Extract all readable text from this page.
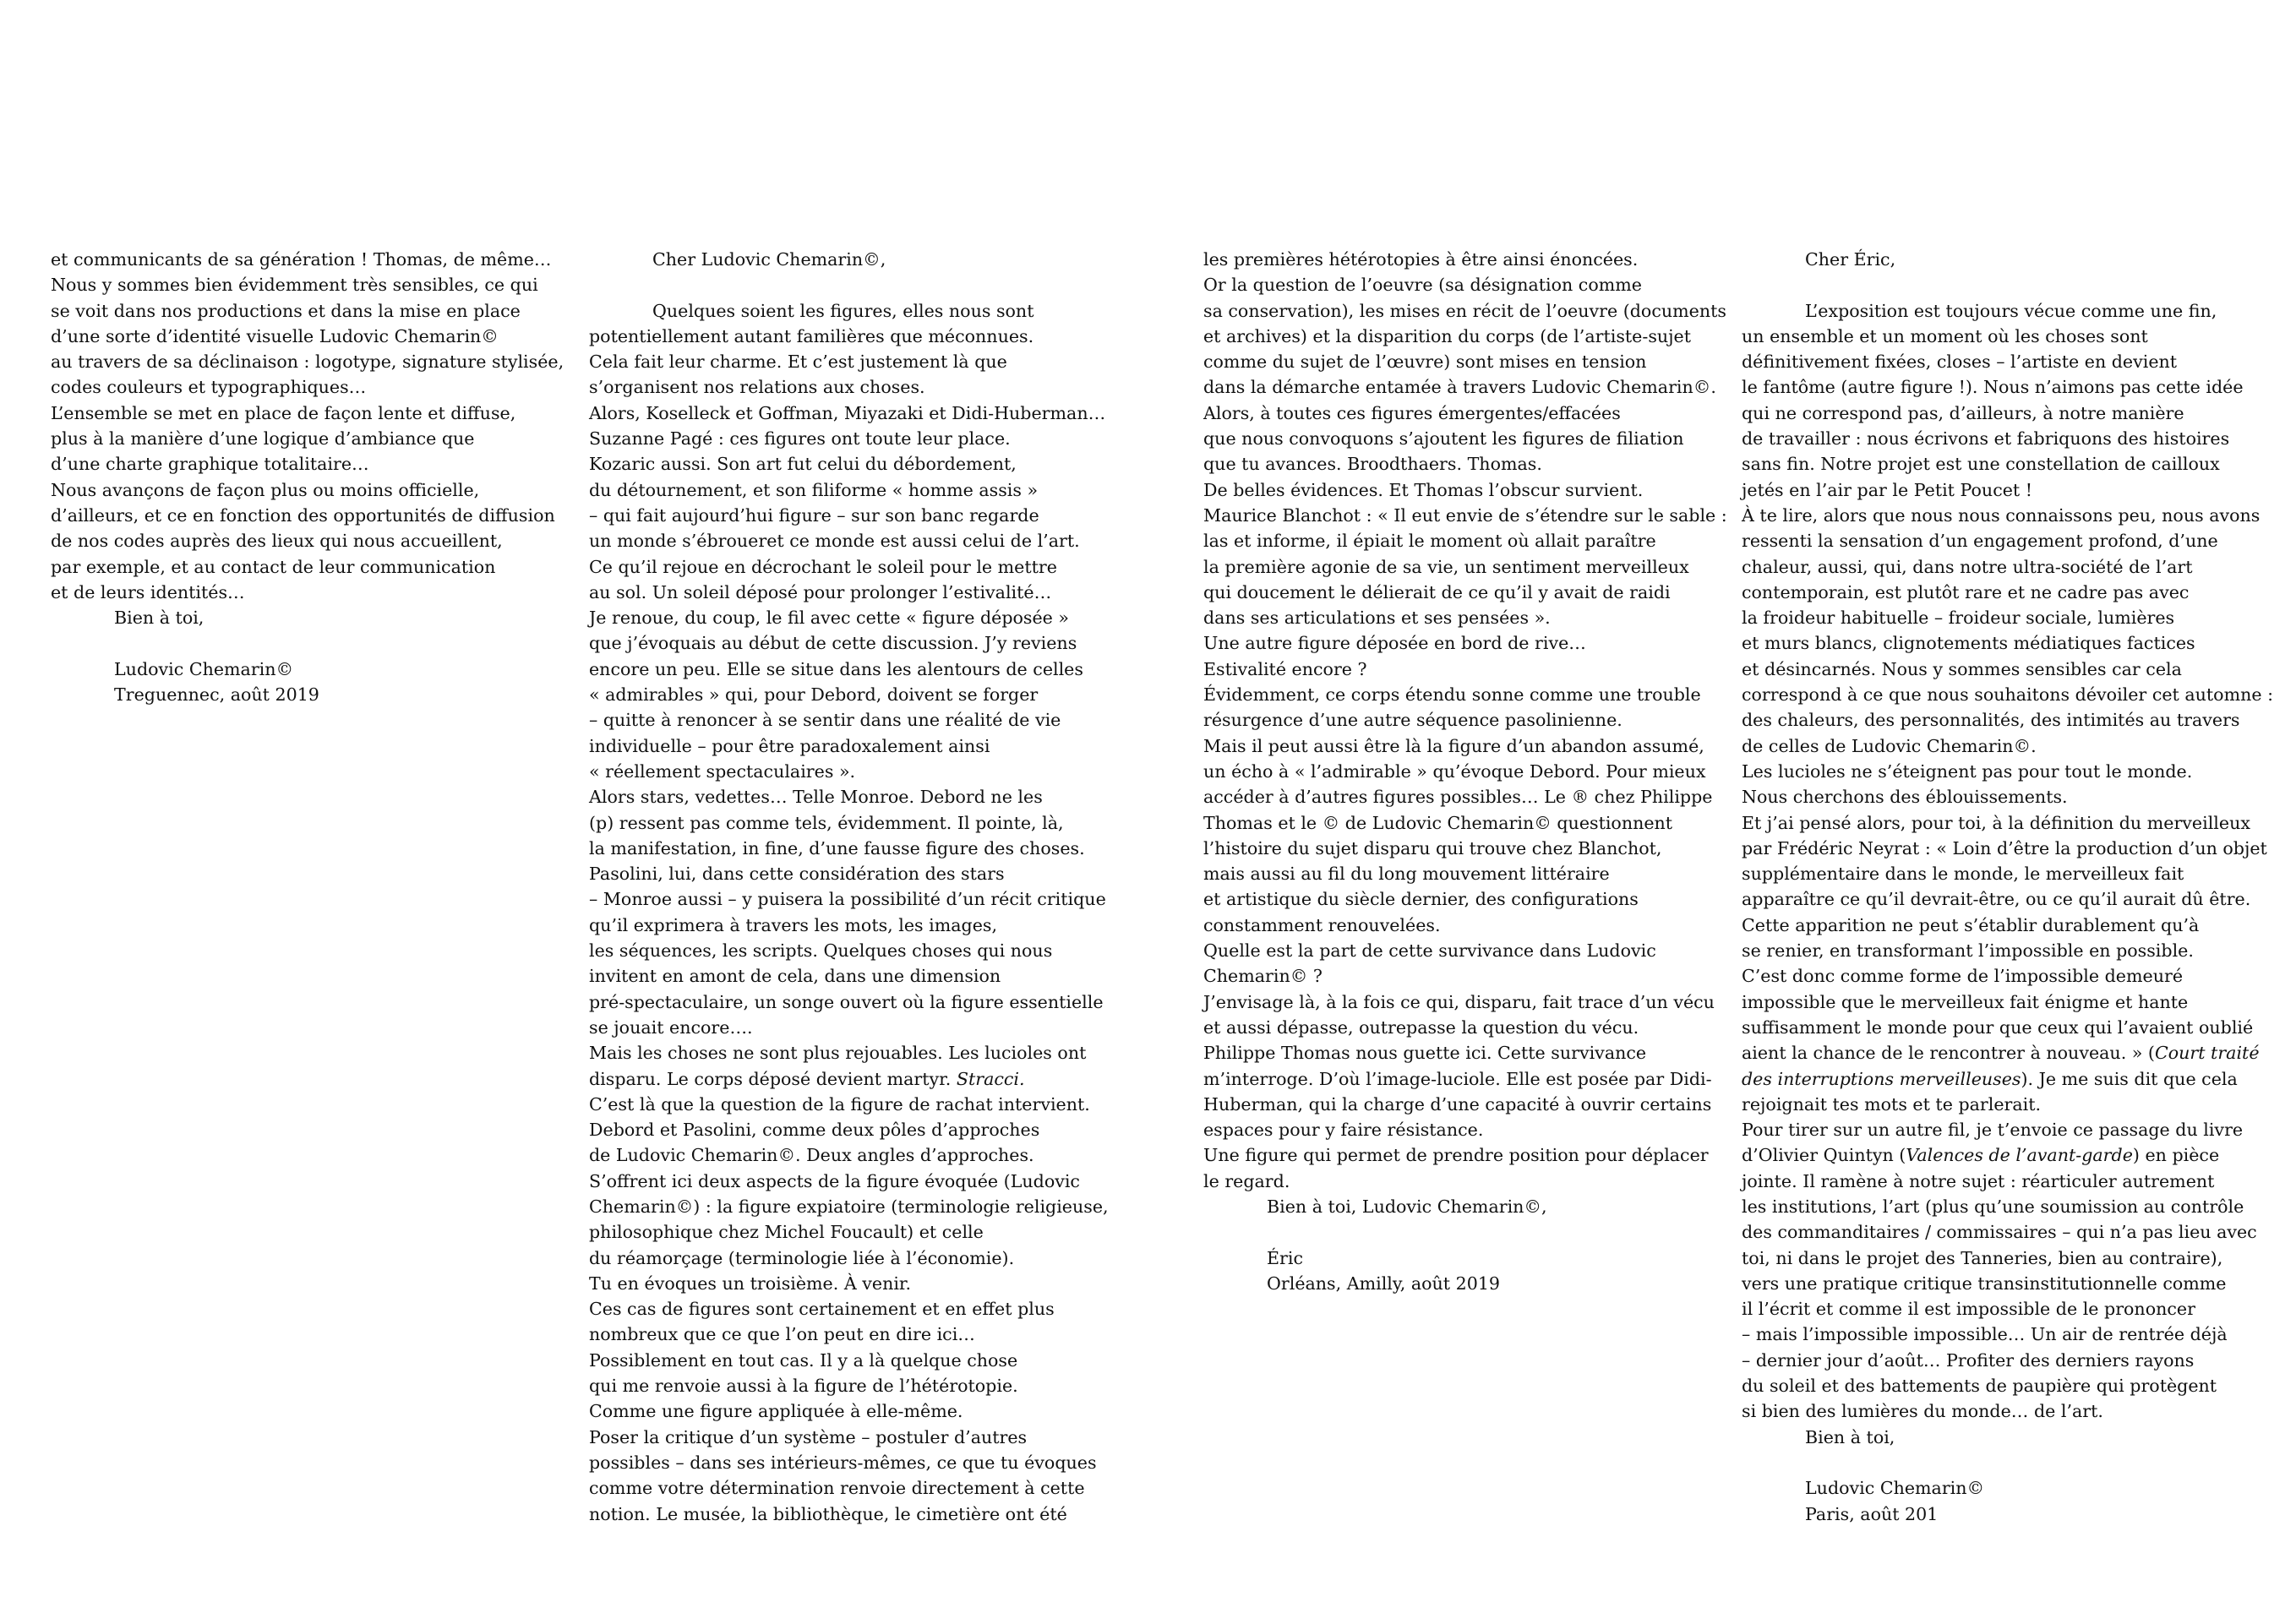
et communicants de sa génération ! Thomas, de même…
Nous y sommes bien évidemment très sensibles, ce qui
se voit dans nos productions et dans la mise en place
d’une sorte d’identité visuelle Ludovic Chemarin©
au travers de sa déclinaison : logotype, signature stylisée,
codes couleurs et typographiques…
L’ensemble se met en place de façon lente et diffuse,
plus à la manière d’une logique d’ambiance que
d’une charte graphique totalitaire…
Nous avançons de façon plus ou moins officielle,
d’ailleurs, et ce en fonction des opportunités de diffusion
de nos codes auprès des lieux qui nous accueillent,
par exemple, et au contact de leur communication
et de leurs identités…
Bien à toi,
Ludovic Chemarin©
Treguennec, août 2019
Cher Ludovic Chemarin©,
Quelques soient les figures, elles nous sont
potentiellement autant familières que méconnues.
Cela fait leur charme. Et c’est justement là que
s’organisent nos relations aux choses.
Alors, Koselleck et Goffman, Miyazaki et Didi-Huberman…
Suzanne Pagé : ces figures ont toute leur place.
Kozaric aussi. Son art fut celui du débordement,
du détournement, et son filiforme « homme assis »
– qui fait aujourd’hui figure – sur son banc regarde
un monde s’ébroueret ce monde est aussi celui de l’art.
Ce qu’il rejoue en décrochant le soleil pour le mettre
au sol. Un soleil déposé pour prolonger l’estivalité…
Je renoue, du coup, le fil avec cette « figure déposée »
que j’évoquais au début de cette discussion. J’y reviens
encore un peu. Elle se situe dans les alentours de celles
« admirables » qui, pour Debord, doivent se forger
– quitte à renoncer à se sentir dans une réalité de vie
individuelle – pour être paradoxalement ainsi
« réellement spectaculaires ».
Alors stars, vedettes… Telle Monroe. Debord ne les
(p) ressent pas comme tels, évidemment. Il pointe, là,
la manifestation, in fine, d’une fausse figure des choses.
Pasolini, lui, dans cette considération des stars
– Monroe aussi – y puisera la possibilité d’un récit critique
qu’il exprimera à travers les mots, les images,
les séquences, les scripts. Quelques choses qui nous
invitent en amont de cela, dans une dimension
pré-spectaculaire, un songe ouvert où la figure essentielle
se jouait encore….
Mais les choses ne sont plus rejouables. Les lucioles ont
disparu. Le corps déposé devient martyr. Stracci.
C’est là que la question de la figure de rachat intervient.
Debord et Pasolini, comme deux pôles d’approches
de Ludovic Chemarin©. Deux angles d’approches.
S’offrent ici deux aspects de la figure évoquée (Ludovic
Chemarin©) : la figure expiatoire (terminologie religieuse,
philosophique chez Michel Foucault) et celle
du réamorçage (terminologie liée à l’économie).
Tu en évoques un troisième. À venir.
Ces cas de figures sont certainement et en effet plus
nombreux que ce que l’on peut en dire ici…
Possiblement en tout cas. Il y a là quelque chose
qui me renvoie aussi à la figure de l’hétérotopie.
Comme une figure appliquée à elle-même.
Poser la critique d’un système – postuler d’autres
possibles – dans ses intérieurs-mêmes, ce que tu évoques
comme votre détermination renvoie directement à cette
notion. Le musée, la bibliothèque, le cimetière ont été
les premières hétérotopies à être ainsi énoncées.
Or la question de l’oeuvre (sa désignation comme
sa conservation), les mises en récit de l’oeuvre (documents
et archives) et la disparition du corps (de l’artiste-sujet
comme du sujet de l’œuvre) sont mises en tension
dans la démarche entamée à travers Ludovic Chemarin©.
Alors, à toutes ces figures émergentes/effacées
que nous convoquons s’ajoutent les figures de filiation
que tu avances. Broodthaers. Thomas.
De belles évidences. Et Thomas l’obscur survient.
Maurice Blanchot : « Il eut envie de s’étendre sur le sable :
las et informe, il épiait le moment où allait paraître
la première agonie de sa vie, un sentiment merveilleux
qui doucement le délierait de ce qu’il y avait de raidi
dans ses articulations et ses pensées ».
Une autre figure déposée en bord de rive…
Estivalité encore ?
Évidemment, ce corps étendu sonne comme une trouble
résurgence d’une autre séquence pasolinienne.
Mais il peut aussi être là la figure d’un abandon assumé,
un écho à « l’admirable » qu’évoque Debord. Pour mieux
accéder à d’autres figures possibles… Le ® chez Philippe
Thomas et le © de Ludovic Chemarin© questionnent
l’histoire du sujet disparu qui trouve chez Blanchot,
mais aussi au fil du long mouvement littéraire
et artistique du siècle dernier, des configurations
constamment renouvelées.
Quelle est la part de cette survivance dans Ludovic
Chemarin© ?
J’envisage là, à la fois ce qui, disparu, fait trace d’un vécu
et aussi dépasse, outrepasse la question du vécu.
Philippe Thomas nous guette ici. Cette survivance
m’interroge. D’où l’image-luciole. Elle est posée par Didi-
Huberman, qui la charge d’une capacité à ouvrir certains
espaces pour y faire résistance.
Une figure qui permet de prendre position pour déplacer
le regard.
Bien à toi, Ludovic Chemarin©,
Éric
Orléans, Amilly, août 2019
Cher Éric,
L’exposition est toujours vécue comme une fin,
un ensemble et un moment où les choses sont
définitivement fixées, closes – l’artiste en devient
le fantôme (autre figure !). Nous n’aimons pas cette idée
qui ne correspond pas, d’ailleurs, à notre manière
de travailler : nous écrivons et fabriquons des histoires
sans fin. Notre projet est une constellation de cailloux
jetés en l’air par le Petit Poucet !
À te lire, alors que nous nous connaissons peu, nous avons
ressenti la sensation d’un engagement profond, d’une
chaleur, aussi, qui, dans notre ultra-société de l’art
contemporain, est plutôt rare et ne cadre pas avec
la froideur habituelle – froideur sociale, lumières
et murs blancs, clignotements médiatiques factices
et désincarnés. Nous y sommes sensibles car cela
correspond à ce que nous souhaitons dévoiler cet automne :
des chaleurs, des personnalités, des intimités au travers
de celles de Ludovic Chemarin©.
Les lucioles ne s’éteignent pas pour tout le monde.
Nous cherchons des éblouissements.
Et j’ai pensé alors, pour toi, à la définition du merveilleux
par Frédéric Neyrat : « Loin d’être la production d’un objet
supplémentaire dans le monde, le merveilleux fait
apparaître ce qu’il devrait-être, ou ce qu’il aurait dû être.
Cette apparition ne peut s’établir durablement qu’à
se renier, en transformant l’impossible en possible.
C’est donc comme forme de l’impossible demeuré
impossible que le merveilleux fait énigme et hante
suffisamment le monde pour que ceux qui l’avaient oublié
aient la chance de le rencontrer à nouveau. » (Court traité
des interruptions merveilleuses). Je me suis dit que cela
rejoignait tes mots et te parlerait.
Pour tirer sur un autre fil, je t’envoie ce passage du livre
d’Olivier Quintyn (Valences de l’avant-garde) en pièce
jointe. Il ramène à notre sujet : réarticuler autrement
les institutions, l’art (plus qu’une soumission au contrôle
des commanditaires / commissaires – qui n’a pas lieu avec
toi, ni dans le projet des Tanneries, bien au contraire),
vers une pratique critique transinstitutionnelle comme
il l’écrit et comme il est impossible de le prononcer
– mais l’impossible impossible… Un air de rentrée déjà
– dernier jour d’août… Profiter des derniers rayons
du soleil et des battements de paupière qui protègent
si bien des lumières du monde… de l’art.
Bien à toi,
Ludovic Chemarin©
Paris, août 201
